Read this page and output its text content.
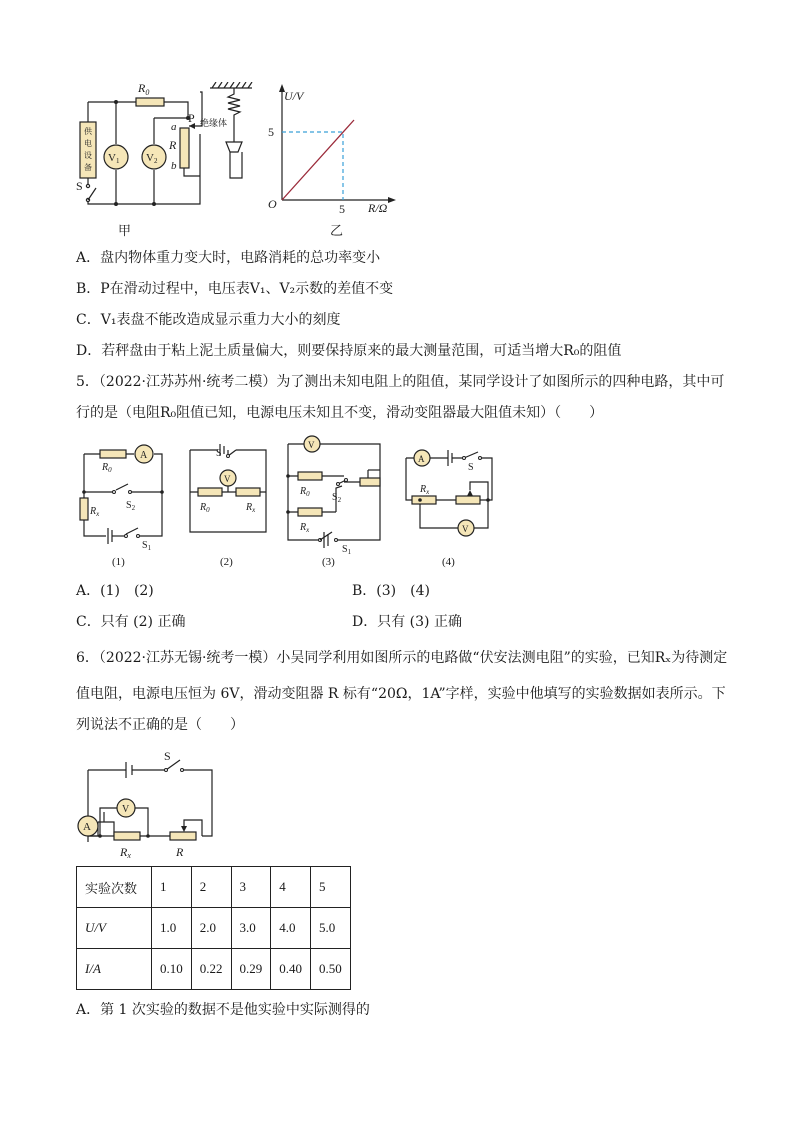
$R_0$
V1 V2
供
电
设
备
S
P
a
R
b
绝缘体
U/V
R/Ω
O
5
5
甲	乙
A．盘内物体重力变大时，电路消耗的总功率变小
B．P在滑动过程中，电压表V₁、V₂示数的差值不变
C．V₁表盘不能改造成显示重力大小的刻度
D．若秤盘由于粘上泥土质量偏大，则要保持原来的最大测量范围，可适当增大R₀的阻值
5．（2022·江苏苏州·统考二模）为了测出未知电阻上的阻值，某同学设计了如图所示的四种电路，其中可
行的是（电阻R₀阻值已知，电源电压未知且不变，滑动变阻器最大阻值未知）（　　）
A
$R_0$
$R_x$
$S_2$
$S_1$
S
V
$R_0$	$R_x$
V
$R_0$
$R_x$
$S_2$
$S_1$
A
V
S
$R_x$
(1)	(2)	(3)	(4)
A．(1)　(2)	B．(3)　(4)
C．只有 (2) 正确	D．只有 (3) 正确
6．（2022·江苏无锡·统考一模）小吴同学利用如图所示的电路做“伏安法测电阻”的实验，已知Rₓ为待测定
值电阻，电源电压恒为 6V，滑动变阻器 R 标有“20Ω，1A”字样，实验中他填写的实验数据如表所示。下
列说法不正确的是（　　）
S
A
V
Rx	R
实验次数	1	2	3	4	5
U/V	1.0	2.0	3.0	4.0	5.0
I/A	0.10	0.22	0.29	0.40	0.50
A．第 1 次实验的数据不是他实验中实际测得的
